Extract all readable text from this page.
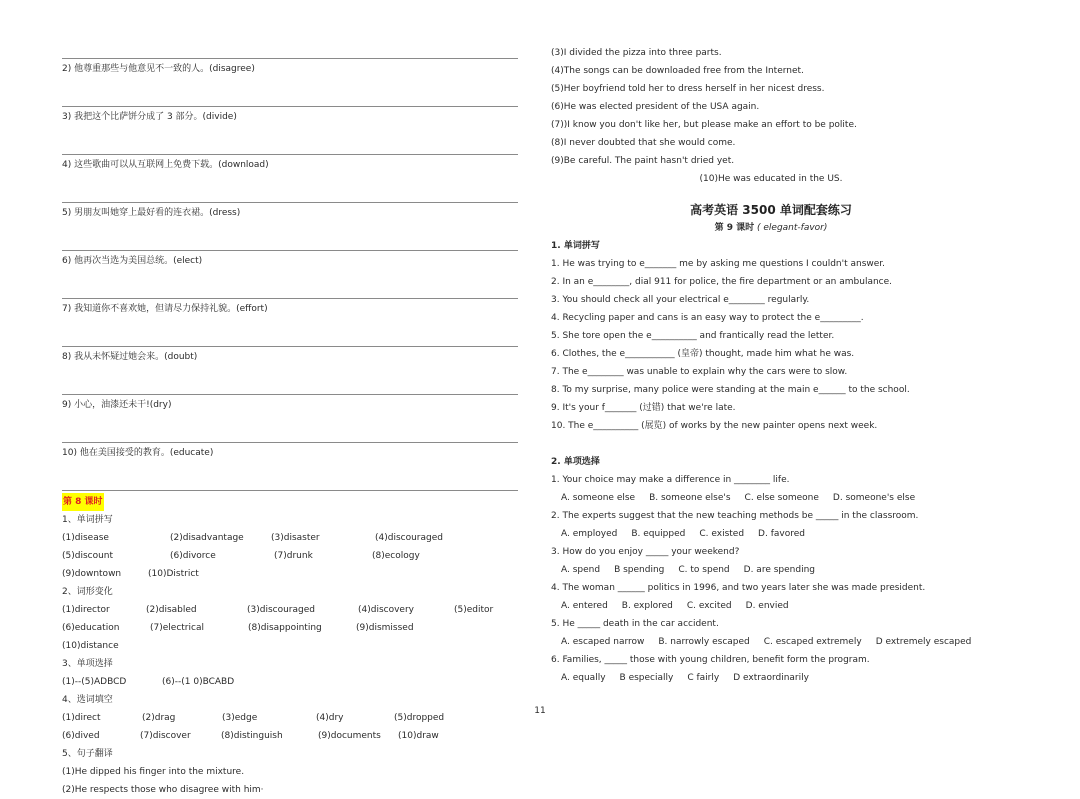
2) 他尊重那些与他意见不一致的人。(disagree)
3) 我把这个比萨饼分成了 3 部分。(divide)
4) 这些歌曲可以从互联网上免费下载。(download)
5) 男朋友叫她穿上最好看的连衣裙。(dress)
6) 他再次当选为美国总统。(elect)
7) 我知道你不喜欢她，但请尽力保持礼貌。(effort)
8) 我从未怀疑过她会来。(doubt)
9) 小心，油漆还未干!(dry)
10) 他在美国接受的教育。(educate)
第 8 课时
1、单词拼写
(1)disease	(2)disadvantage	(3)disaster	(4)discouraged
(5)discount	(6)divorce	(7)drunk	(8)ecology
(9)downtown	(10)District
2、词形变化
(1)director	(2)disabled	(3)discouraged	(4)discovery	(5)editor
(6)education	(7)electrical	(8)disappointing	(9)dismissed
(10)distance
3、单项选择
(1)--(5)ADBCD	(6)--(1 0)BCABD
4、选词填空
(1)direct	(2)drag	(3)edge	(4)dry	(5)dropped
(6)dived	(7)discover	(8)distinguish	(9)documents	(10)draw
5、句子翻译
(1)He dipped his finger into the mixture.
(2)He respects those who disagree with him·
(3)I divided the pizza into three parts.
(4)The songs can be downloaded free from the Internet.
(5)Her boyfriend told her to dress herself in her nicest dress.
(6)He was elected president of the USA again.
(7))I know you don't like her, but please make an effort to be polite.
(8)I never doubted that she would come.
(9)Be careful. The paint hasn't dried yet.
(10)He was educated in the US.
高考英语 3500 单词配套练习
第 9 课时 ( elegant-favor)
1. 单词拼写
1. He was trying to e_______ me by asking me questions I couldn't answer.
2. In an e________, dial 911 for police, the fire department or an ambulance.
3. You should check all your electrical e________ regularly.
4. Recycling paper and cans is an easy way to protect the e_________.
5. She tore open the e__________ and frantically read the letter.
6. Clothes, the e___________ (皇帝) thought, made him what he was.
7. The e________ was unable to explain why the cars were to slow.
8. To my surprise, many police were standing at the main e______ to the school.
9. It's your f_______ (过错) that we're late.
10. The e__________ (展览) of works by the new painter opens next week.
2. 单项选择
1. Your choice may make a difference in ________ life.
A. someone else B. someone else's C. else someone D. someone's else
2. The experts suggest that the new teaching methods be _____ in the classroom.
A. employed B. equipped C. existed D. favored
3. How do you enjoy _____ your weekend?
A. spend B spending C. to spend D. are spending
4. The woman ______ politics in 1996, and two years later she was made president.
A. entered B. explored C. excited D. envied
5. He _____ death in the car accident.
A. escaped narrow B. narrowly escaped C. escaped extremely D extremely escaped
6. Families, _____ those with young children, benefit form the program.
A. equally B especially C fairly D extraordinarily
11
